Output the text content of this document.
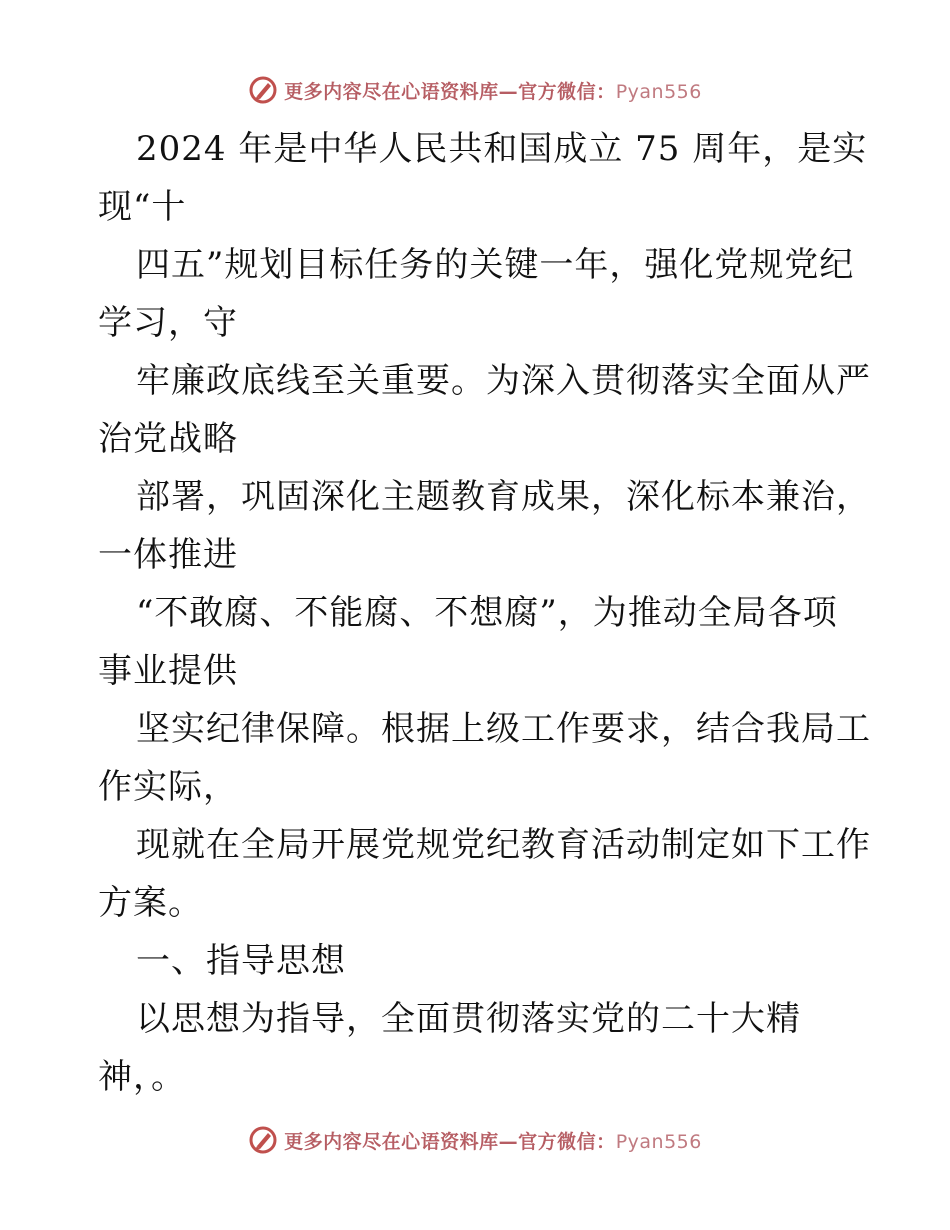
更多内容尽在心语资料库—官方微信：Pyan556
2024 年是中华人民共和国成立 75 周年，是实
现“十
四五”规划目标任务的关键一年，强化党规党纪
学习，守
牢廉政底线至关重要。为深入贯彻落实全面从严
治党战略
部署，巩固深化主题教育成果，深化标本兼治，
一体推进
“不敢腐、不能腐、不想腐”，为推动全局各项
事业提供
坚实纪律保障。根据上级工作要求，结合我局工
作实际，
现就在全局开展党规党纪教育活动制定如下工作
方案。
一、指导思想
以思想为指导，全面贯彻落实党的二十大精
神，。
更多内容尽在心语资料库—官方微信：Pyan556
